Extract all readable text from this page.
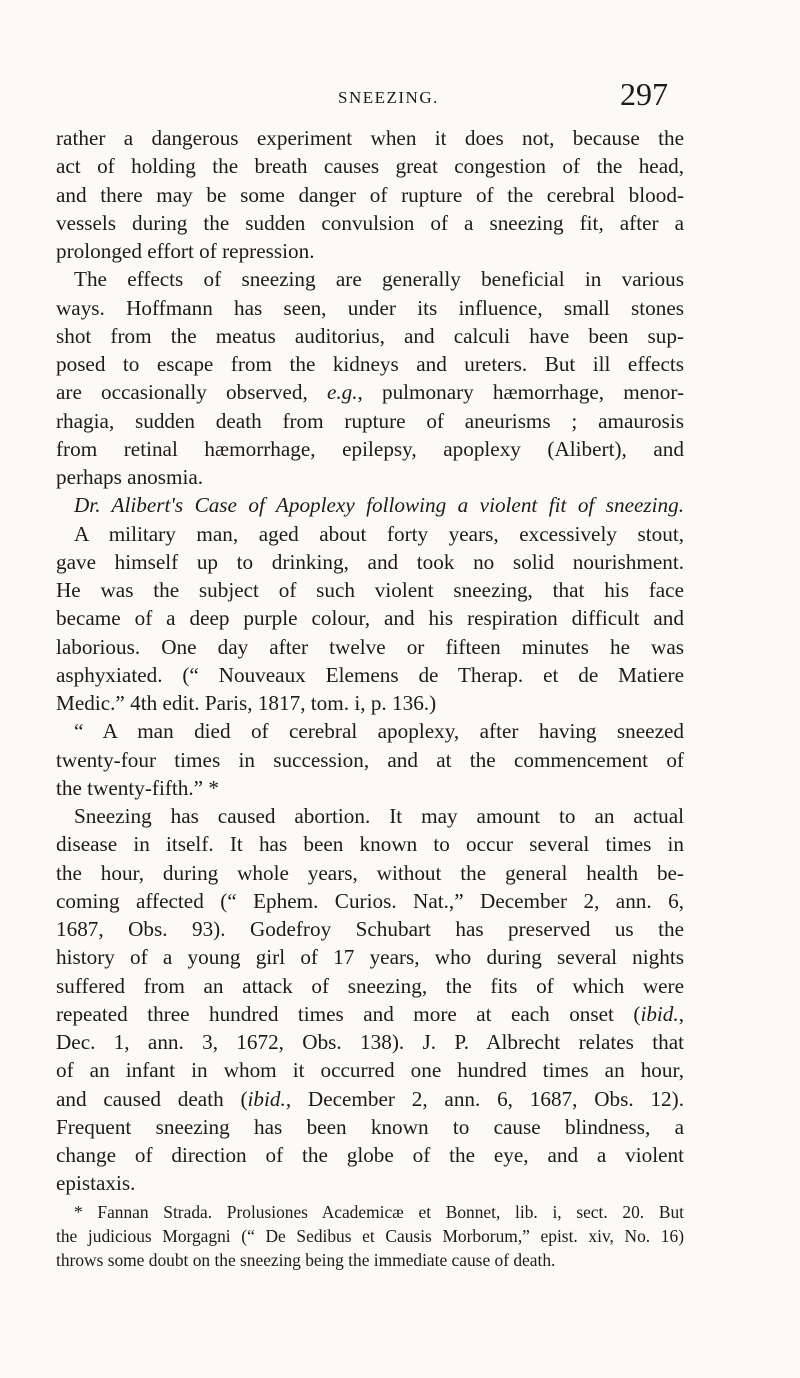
SNEEZING.	297
rather a dangerous experiment when it does not, because the
act of holding the breath causes great congestion of the head,
and there may be some danger of rupture of the cerebral blood-
vessels during the sudden convulsion of a sneezing fit, after a
prolonged effort of repression.
The effects of sneezing are generally beneficial in various
ways. Hoffmann has seen, under its influence, small stones
shot from the meatus auditorius, and calculi have been sup-
posed to escape from the kidneys and ureters. But ill effects
are occasionally observed, e.g., pulmonary hæmorrhage, menor-
rhagia, sudden death from rupture of aneurisms ; amaurosis
from retinal hæmorrhage, epilepsy, apoplexy (Alibert), and
perhaps anosmia.
Dr. Alibert's Case of Apoplexy following a violent fit of sneezing.
A military man, aged about forty years, excessively stout,
gave himself up to drinking, and took no solid nourishment.
He was the subject of such violent sneezing, that his face
became of a deep purple colour, and his respiration difficult and
laborious. One day after twelve or fifteen minutes he was
asphyxiated. (“ Nouveaux Elemens de Therap. et de Matiere
Medic.” 4th edit. Paris, 1817, tom. i, p. 136.)
“ A man died of cerebral apoplexy, after having sneezed
twenty-four times in succession, and at the commencement of
the twenty-fifth.” *
Sneezing has caused abortion. It may amount to an actual
disease in itself. It has been known to occur several times in
the hour, during whole years, without the general health be-
coming affected (“ Ephem. Curios. Nat.,” December 2, ann. 6,
1687, Obs. 93). Godefroy Schubart has preserved us the
history of a young girl of 17 years, who during several nights
suffered from an attack of sneezing, the fits of which were
repeated three hundred times and more at each onset (ibid.,
Dec. 1, ann. 3, 1672, Obs. 138). J. P. Albrecht relates that
of an infant in whom it occurred one hundred times an hour,
and caused death (ibid., December 2, ann. 6, 1687, Obs. 12).
Frequent sneezing has been known to cause blindness, a
change of direction of the globe of the eye, and a violent
epistaxis.
* Fannan Strada. Prolusiones Academicæ et Bonnet, lib. i, sect. 20. But
the judicious Morgagni (“ De Sedibus et Causis Morborum,” epist. xiv, No. 16)
throws some doubt on the sneezing being the immediate cause of death.
